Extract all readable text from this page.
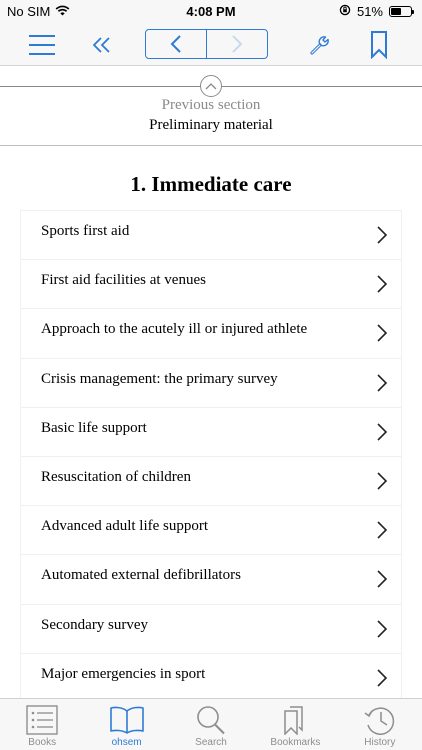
No SIM	4:08 PM	51%
Previous section
Preliminary material
1. Immediate care
Sports first aid
First aid facilities at venues
Approach to the acutely ill or injured athlete
Crisis management: the primary survey
Basic life support
Resuscitation of children
Advanced adult life support
Automated external defibrillators
Secondary survey
Major emergencies in sport
Books	ohsem	Search	Bookmarks	History
